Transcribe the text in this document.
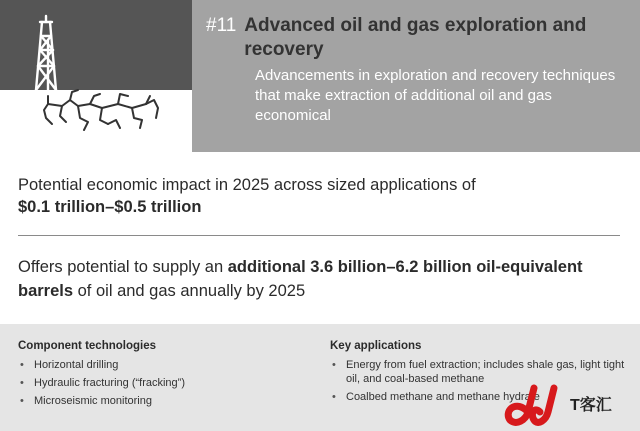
#11 Advanced oil and gas exploration and recovery
Advancements in exploration and recovery techniques that make extraction of additional oil and gas economical
Potential economic impact in 2025 across sized applications of
$0.1 trillion–$0.5 trillion
Offers potential to supply an additional 3.6 billion–6.2 billion oil-equivalent barrels of oil and gas annually by 2025
Component technologies
• Horizontal drilling
• Hydraulic fracturing (“fracking”)
• Microseismic monitoring
Key applications
• Energy from fuel extraction; includes shale gas, light tight oil, and coal-based methane
• Coalbed methane and methane hydrate	T客汇
